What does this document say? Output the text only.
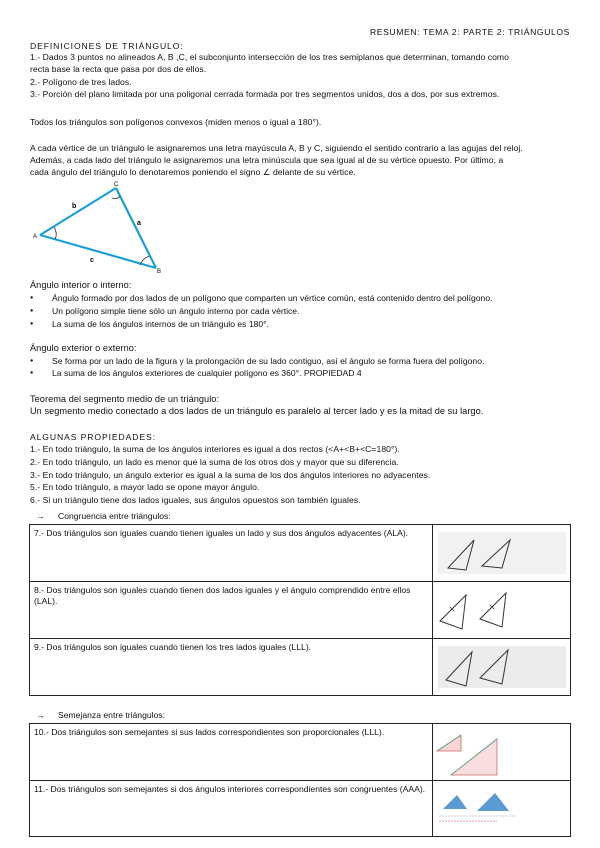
RESUMEN: TEMA 2: PARTE 2: TRIÁNGULOS
DEFINICIONES DE TRIÁNGULO:
1.- Dados 3 puntos no alineados A, B ,C, el subconjunto intersección de los tres semiplanos que determinan, tomando como
recta base la recta que pasa por dos de ellos.
2.- Polígono de tres lados.
3.- Porción del plano limitada por una poligonal cerrada formada por tres segmentos unidos, dos a dos, por sus extremos.
Todos los triángulos son polígonos convexos (miden menos o igual a 180°).
A cada vértice de un triángulo le asignaremos una letra mayúscula A, B y C, siguiendo el sentido contrario a las agujas del reloj.
Además, a cada lado del triángulo le asignaremos una letra minúscula que sea igual al de su vértice opuesto. Por último, a
cada ángulo del triángulo lo denotaremos poniendo el signo ∠ delante de su vértice.
A
B
C
a
b
c
Ángulo interior o interno:
● Ángulo formado por dos lados de un polígono que comparten un vértice común, está contenido dentro del polígono.
● Un polígono simple tiene sólo un ángulo interno por cada vértice.
● La suma de los ángulos internos de un triángulo es 180°.
Ángulo exterior o externo:
● Se forma por un lado de la figura y la prolongación de su lado contiguo, así el ángulo se forma fuera del polígono.
● La suma de los ángulos exteriores de cualquier polígono es 360°. PROPIEDAD 4
Teorema del segmento medio de un triángulo:
Un segmento medio conectado a dos lados de un triángulo es paralelo al tercer lado y es la mitad de su largo.
ALGUNAS PROPIEDADES:
1.- En todo triángulo, la suma de los ángulos interiores es igual a dos rectos (<A+<B+<C=180°).
2.- En todo triángulo, un lado es menor que la suma de los otros dos y mayor que su diferencia.
3.- En todo triángulo, un ángulo exterior es igual a la suma de los dos ángulos interiores no adyacentes.
5.- En todo triángulo, a mayor lado se opone mayor ángulo.
6.- Si un triángulo tiene dos lados iguales, sus ángulos opuestos son también iguales.
→ Congruencia entre triángulos:
7.- Dos triángulos son iguales cuando tienen iguales un lado y sus dos ángulos adyacentes (ALA).	

8.- Dos triángulos son iguales cuando tienen dos lados iguales y el ángulo comprendido entre ellos (LAL).	

9.- Dos triángulos son iguales cuando tienen los tres lados iguales (LLL).	
→ Semejanza entre triángulos:
10.- Dos triángulos son semejantes si sus lados correspondientes son proporcionales (LLL).	

11.- Dos triángulos son semejantes si dos ángulos interiores correspondientes son congruentes (AAA).	
